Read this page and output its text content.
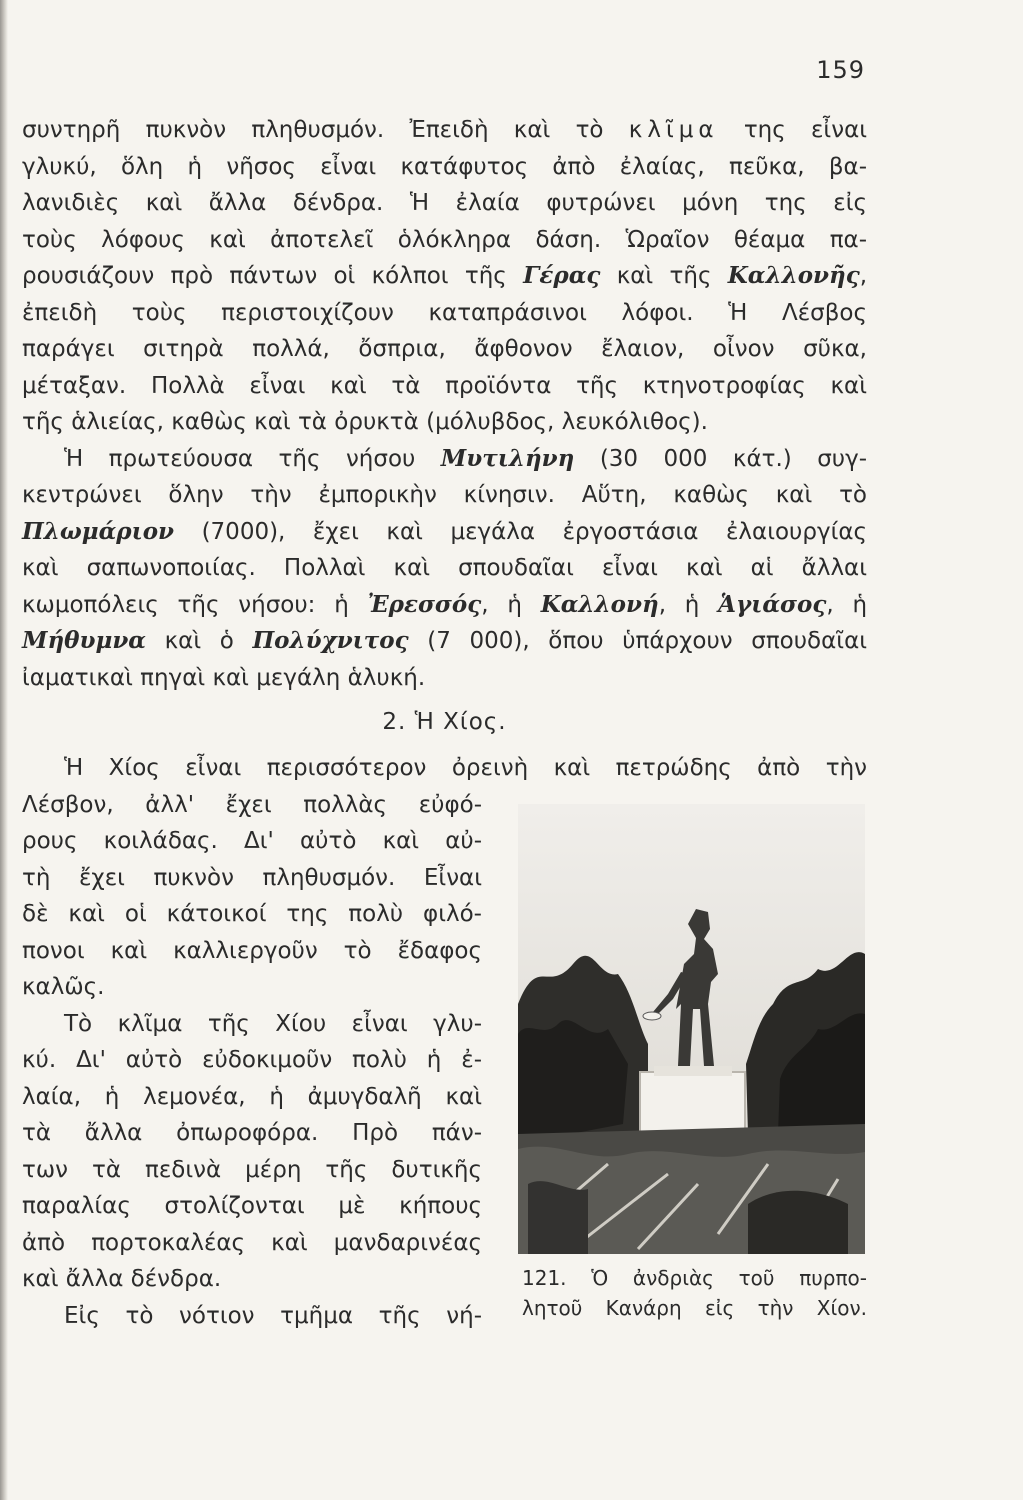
159
συντηρῆ πυκνὸν πληθυσμόν. Ἐπειδὴ καὶ τὸ κλῖμα της εἶναι
γλυκύ, ὅλη ἡ νῆσος εἶναι κατάφυτος ἀπὸ ἐλαίας, πεῦκα, βα-
λανιδιὲς καὶ ἄλλα δένδρα. Ἡ ἐλαία φυτρώνει μόνη της εἰς
τοὺς λόφους καὶ ἀποτελεῖ ὁλόκληρα δάση. Ὡραῖον θέαμα πα-
ρουσιάζουν πρὸ πάντων οἱ κόλποι τῆς Γέρας καὶ τῆς Καλλονῆς,
ἐπειδὴ τοὺς περιστοιχίζουν καταπράσινοι λόφοι. Ἡ Λέσβος
παράγει σιτηρὰ πολλά, ὄσπρια, ἄφθονον ἔλαιον, οἶνον σῦκα,
μέταξαν. Πολλὰ εἶναι καὶ τὰ προϊόντα τῆς κτηνοτροφίας καὶ
τῆς ἁλιείας, καθὼς καὶ τὰ ὀρυκτὰ (μόλυβδος, λευκόλιθος).
Ἡ πρωτεύουσα τῆς νήσου Μυτιλήνη (30 000 κάτ.) συγ-
κεντρώνει ὅλην τὴν ἐμπορικὴν κίνησιν. Αὕτη, καθὼς καὶ τὸ
Πλωμάριον (7000), ἔχει καὶ μεγάλα ἐργοστάσια ἐλαιουργίας
καὶ σαπωνοποιίας. Πολλαὶ καὶ σπουδαῖαι εἶναι καὶ αἱ ἄλλαι
κωμοπόλεις τῆς νήσου: ἡ Ἐρεσσός, ἡ Καλλονή, ἡ Ἁγιάσος, ἡ
Μήθυμνα καὶ ὁ Πολύχνιτος (7 000), ὅπου ὑπάρχουν σπουδαῖαι
ἰαματικαὶ πηγαὶ καὶ μεγάλη ἁλυκή.
2. Ἡ Χίος.
Ἡ Χίος εἶναι περισσότερον ὀρεινὴ καὶ πετρώδης ἀπὸ τὴν
Λέσβον, ἀλλ' ἔχει πολλὰς εὐφό-
ρους κοιλάδας. Δι' αὐτὸ καὶ αὐ-
τὴ ἔχει πυκνὸν πληθυσμόν. Εἶναι
δὲ καὶ οἱ κάτοικοί της πολὺ φιλό-
πονοι καὶ καλλιεργοῦν τὸ ἔδαφος
καλῶς.
Τὸ κλῖμα τῆς Χίου εἶναι γλυ-
κύ. Δι' αὐτὸ εὐδοκιμοῦν πολὺ ἡ ἐ-
λαία, ἡ λεμονέα, ἡ ἀμυγδαλῆ καὶ
τὰ ἄλλα ὀπωροφόρα. Πρὸ πάν-
των τὰ πεδινὰ μέρη τῆς δυτικῆς
παραλίας στολίζονται μὲ κήπους
ἀπὸ πορτοκαλέας καὶ μανδαρινέας
καὶ ἄλλα δένδρα.
Εἰς τὸ νότιον τμῆμα τῆς νή-
121. Ὁ ἀνδριὰς τοῦ πυρπο-
λητοῦ Κανάρη εἰς τὴν Χίον.
